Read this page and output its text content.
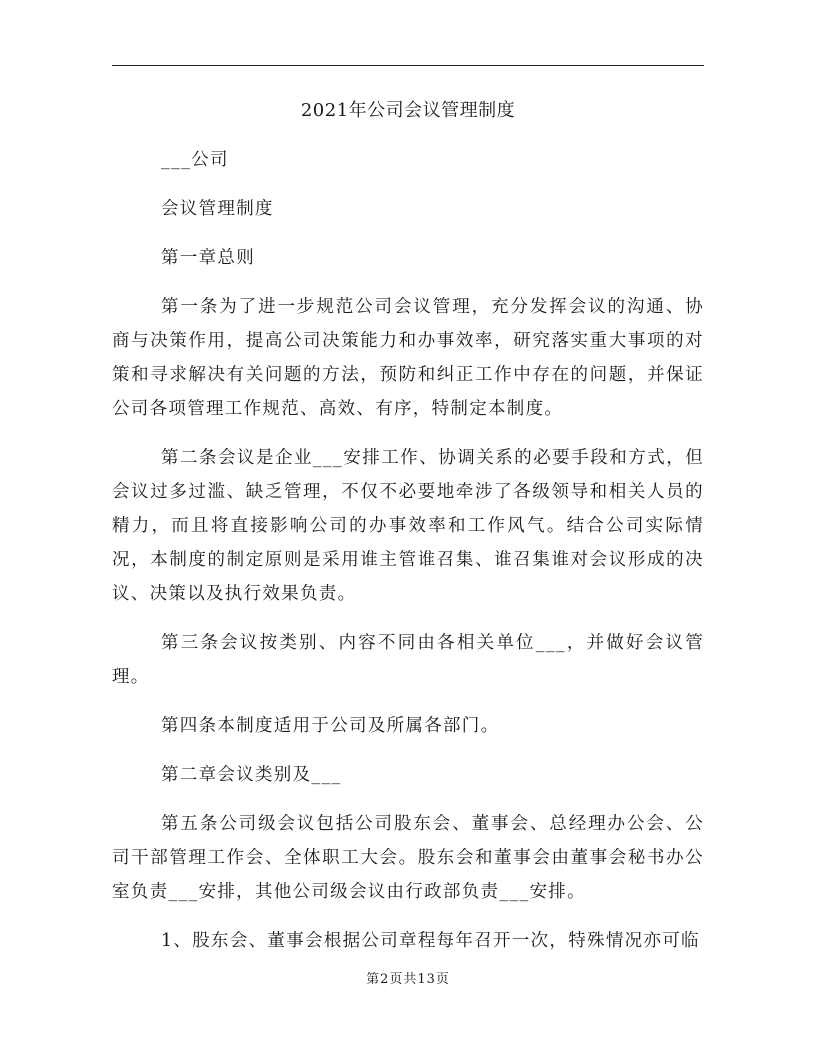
2021年公司会议管理制度

___公司

会议管理制度

第一章总则

第一条为了进一步规范公司会议管理，充分发挥会议的沟通、协商与决策作用，提高公司决策能力和办事效率，研究落实重大事项的对策和寻求解决有关问题的方法，预防和纠正工作中存在的问题，并保证公司各项管理工作规范、高效、有序，特制定本制度。

第二条会议是企业___安排工作、协调关系的必要手段和方式，但会议过多过滥、缺乏管理，不仅不必要地牵涉了各级领导和相关人员的精力，而且将直接影响公司的办事效率和工作风气。结合公司实际情况，本制度的制定原则是采用谁主管谁召集、谁召集谁对会议形成的决议、决策以及执行效果负责。

第三条会议按类别、内容不同由各相关单位___，并做好会议管理。

第四条本制度适用于公司及所属各部门。

第二章会议类别及___

第五条公司级会议包括公司股东会、董事会、总经理办公会、公司干部管理工作会、全体职工大会。股东会和董事会由董事会秘书办公室负责___安排，其他公司级会议由行政部负责___安排。

1、股东会、董事会根据公司章程每年召开一次，特殊情况亦可临

第2页共13页
